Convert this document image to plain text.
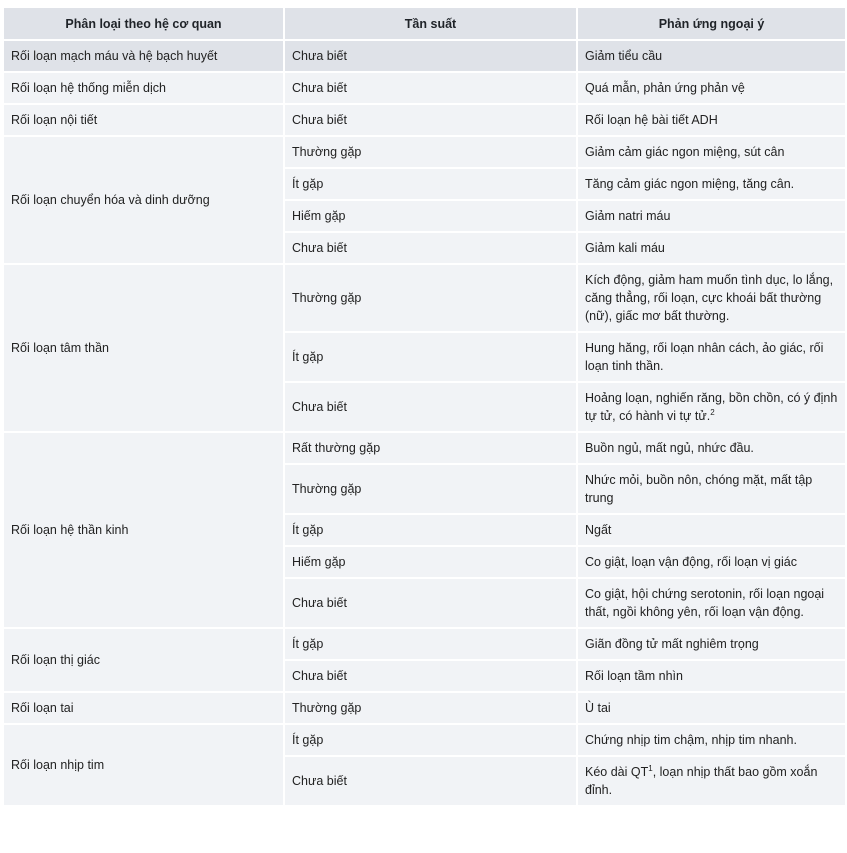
Phân loại theo hệ cơ quan	Tần suất	Phản ứng ngoại ý
Rối loạn mạch máu và hệ bạch huyết	Chưa biết	Giảm tiểu cầu
Rối loạn hệ thống miễn dịch	Chưa biết	Quá mẫn, phản ứng phản vệ
Rối loạn nội tiết	Chưa biết	Rối loạn hệ bài tiết ADH
Rối loạn chuyển hóa và dinh dưỡng	Thường gặp	Giảm cảm giác ngon miệng, sút cân
	Ít gặp	Tăng cảm giác ngon miệng, tăng cân.
	Hiếm gặp	Giảm natri máu
	Chưa biết	Giảm kali máu
Rối loạn tâm thần	Thường gặp	Kích động, giảm ham muốn tình dục, lo lắng, căng thẳng, rối loạn, cực khoái bất thường (nữ), giấc mơ bất thường.
	Ít gặp	Hung hăng, rối loạn nhân cách, ảo giác, rối loạn tinh thần.
	Chưa biết	Hoảng loạn, nghiến răng, bồn chồn, có ý định tự tử, có hành vi tự tử.$^2$
Rối loạn hệ thần kinh	Rất thường gặp	Buồn ngủ, mất ngủ, nhức đầu.
	Thường gặp	Nhức mỏi, buồn nôn, chóng mặt, mất tập trung
	Ít gặp	Ngất
	Hiếm gặp	Co giật, loạn vận động, rối loạn vị giác
	Chưa biết	Co giật, hội chứng serotonin, rối loạn ngoại thất, ngồi không yên, rối loạn vận động.
Rối loạn thị giác	Ít gặp	Giãn đồng tử mất nghiêm trọng
	Chưa biết	Rối loạn tầm nhìn
Rối loạn tai	Thường gặp	Ù tai
Rối loạn nhịp tim	Ít gặp	Chứng nhịp tim chậm, nhịp tim nhanh.
	Chưa biết	Kéo dài $QT^1$, loạn nhịp thất bao gồm xoắn đỉnh.
